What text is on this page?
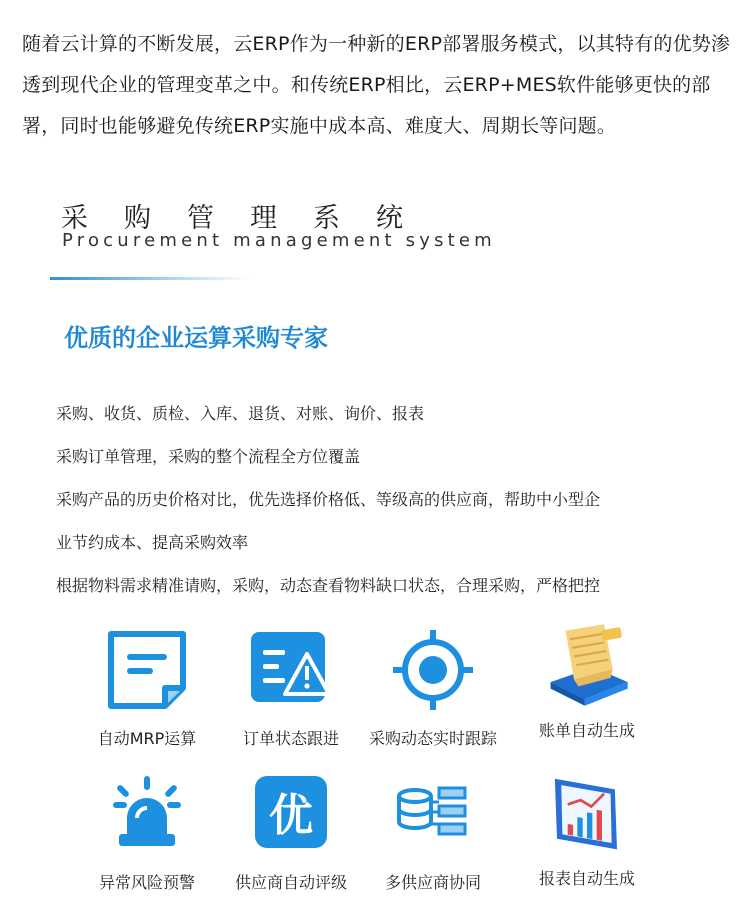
随着云计算的不断发展，云ERP作为一种新的ERP部署服务模式，以其特有的优势渗透到现代企业的管理变革之中。和传统ERP相比，云ERP+MES软件能够更快的部署，同时也能够避免传统ERP实施中成本高、难度大、周期长等问题。

采购管理系统
Procurement management system
优质的企业运算采购专家
采购、收货、质检、入库、退货、对账、询价、报表
采购订单管理，采购的整个流程全方位覆盖
采购产品的历史价格对比，优先选择价格低、等级高的供应商，帮助中小型企
业节约成本、提高采购效率
根据物料需求精准请购，采购，动态查看物料缺口状态，合理采购，严格把控
自动MRP运算	订单状态跟进	采购动态实时跟踪	账单自动生成
异常风险预警
优
供应商自动评级	多供应商协同	报表自动生成
